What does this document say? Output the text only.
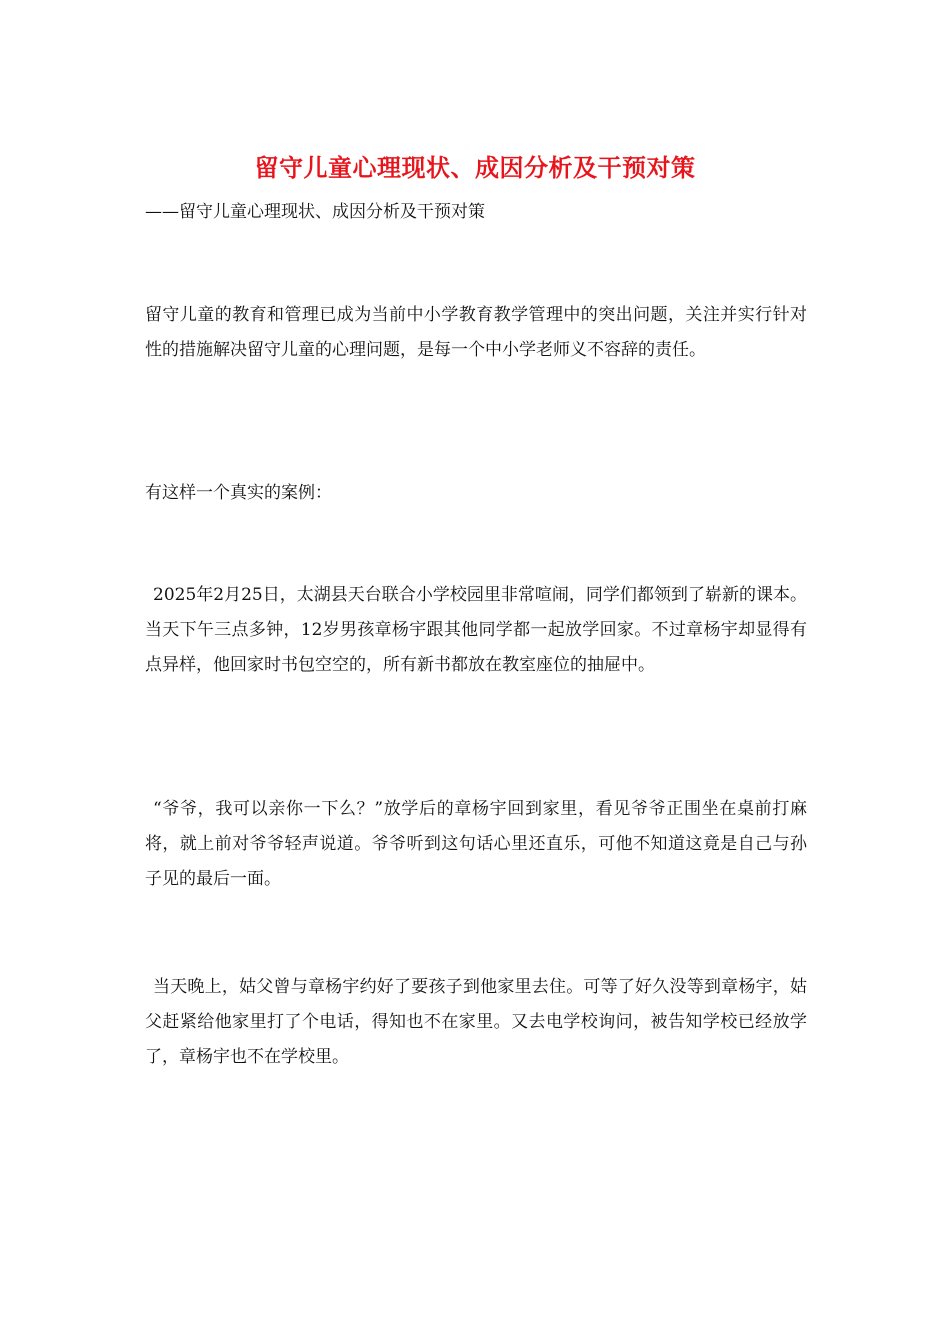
留守儿童心理现状、成因分析及干预对策
——留守儿童心理现状、成因分析及干预对策

留守儿童的教育和管理已成为当前中小学教育教学管理中的突出问题，关注并实行针对性的措施解决留守儿童的心理问题，是每一个中小学老师义不容辞的责任。

有这样一个真实的案例：

2025年2月25日，太湖县天台联合小学校园里非常喧闹，同学们都领到了崭新的课本。当天下午三点多钟，12岁男孩章杨宇跟其他同学都一起放学回家。不过章杨宇却显得有点异样，他回家时书包空空的，所有新书都放在教室座位的抽屉中。

“爷爷，我可以亲你一下么？”放学后的章杨宇回到家里，看见爷爷正围坐在桌前打麻将，就上前对爷爷轻声说道。爷爷听到这句话心里还直乐，可他不知道这竟是自己与孙子见的最后一面。

当天晚上，姑父曾与章杨宇约好了要孩子到他家里去住。可等了好久没等到章杨宇，姑父赶紧给他家里打了个电话，得知也不在家里。又去电学校询问，被告知学校已经放学了，章杨宇也不在学校里。
